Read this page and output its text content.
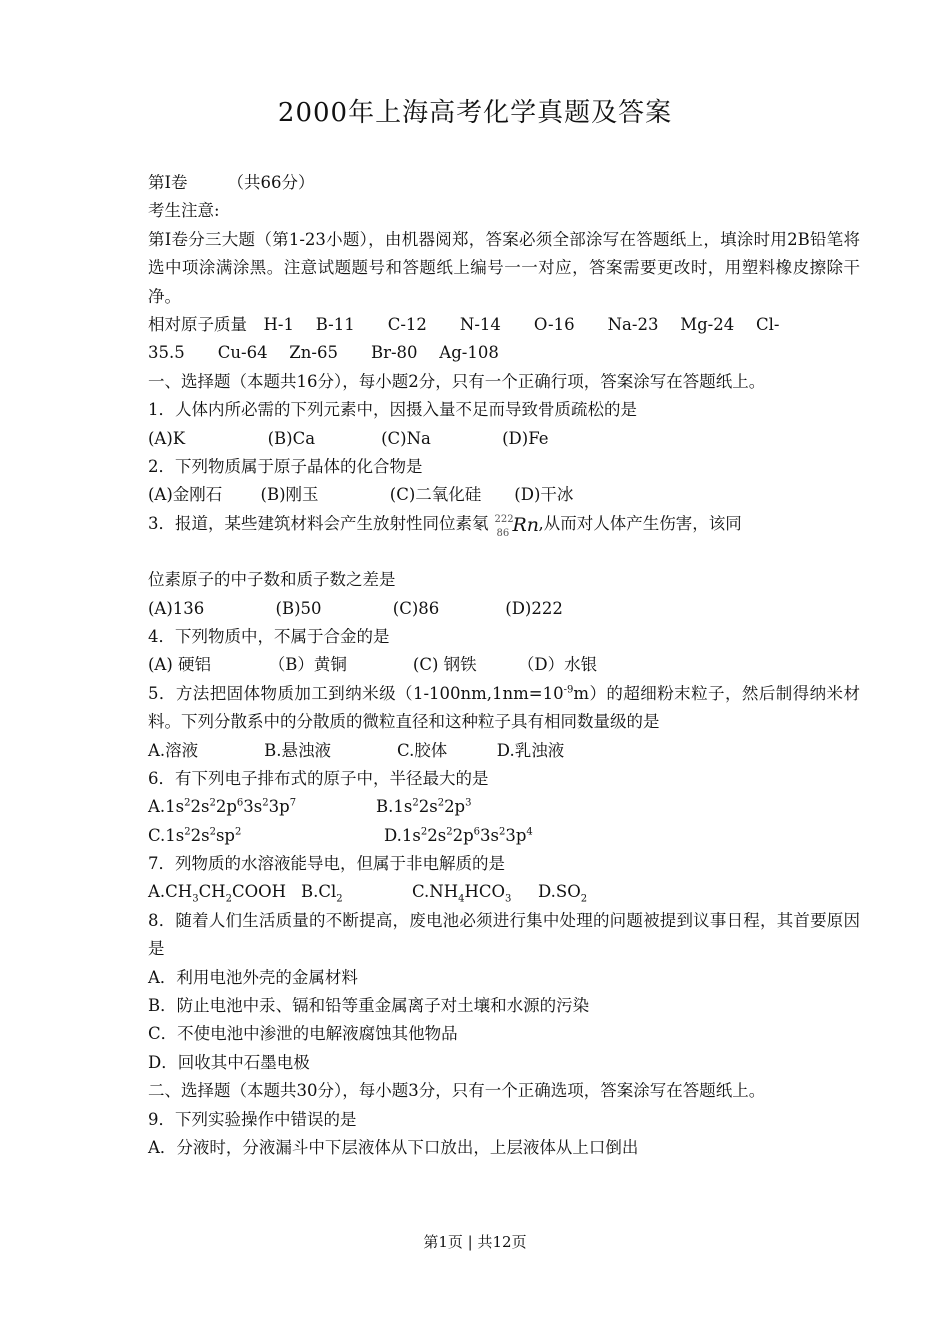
2000年上海高考化学真题及答案
第Ⅰ卷 （共66分）
考生注意:
第Ⅰ卷分三大题（第1-23小题），由机器阅郑，答案必须全部涂写在答题纸上，填涂时用2B铅笔将选中项涂满涂黑。注意试题题号和答题纸上编号一一对应，答案需要更改时，用塑料橡皮擦除干净。
相对原子质量　H-1　 B-11　　C-12　　N-14　　O-16　　Na-23　 Mg-24　 Cl-
35.5　　Cu-64　 Zn-65　　Br-80　 Ag-108
一、选择题（本题共16分），每小题2分，只有一个正确行项，答案涂写在答题纸上。
1．人体内所必需的下列元素中，因摄入量不足而导致骨质疏松的是
(A)K　　　　　(B)Ca　　　　(C)Na　　　　 (D)Fe
2．下列物质属于原子晶体的化合物是
(A)金刚石　　 (B)刚玉　　　　 (C)二氧化硅　　(D)干冰
3．报道，某些建筑材料会产生放射性同位素氡 222
86 Rn ,从而对人体产生伤害，该同
位素原子的中子数和质子数之差是
(A)136　　　　 (B)50　　　　 (C)86　　　　(D)222
4．下列物质中，不属于合金的是
(A) 硬铝　　　　（B）黄铜　　　　(C) 钢铁　　　（D）水银
5．方法把固体物质加工到纳米级$(1-100nm,1nm=10^{-9}m)$的超细粉末粒子，然后制得纳米材料。下列分散系中的分散质的微粒直径和这种粒子具有相同数量级的是
A.溶液　　　　B.悬浊液　　　　C.胶体　　　D.乳浊液
6．有下列电子排布式的原子中，半径最大的是
$A.1s^22s^22p^63s^23p^7$	$B.1s^22s^22p^3$
$C.1s^22s^2sp^2$	$D.1s^22s^22p^63s^23p^4$
7．列物质的水溶液能导电，但属于非电解质的是
$A.CH_3CH_2COOH$ $B.Cl_2$	$C.NH_4HCO_3$ $D.SO_2$
8．随着人们生活质量的不断提高，废电池必须进行集中处理的问题被提到议事日程，其首要原因是
A．利用电池外壳的金属材料
B．防止电池中汞、镉和铅等重金属离子对土壤和水源的污染
C．不使电池中渗泄的电解液腐蚀其他物品
D．回收其中石墨电极
二、选择题（本题共30分），每小题3分，只有一个正确选项，答案涂写在答题纸上。
9．下列实验操作中错误的是
A．分液时，分液漏斗中下层液体从下口放出，上层液体从上口倒出
第1页 | 共12页
